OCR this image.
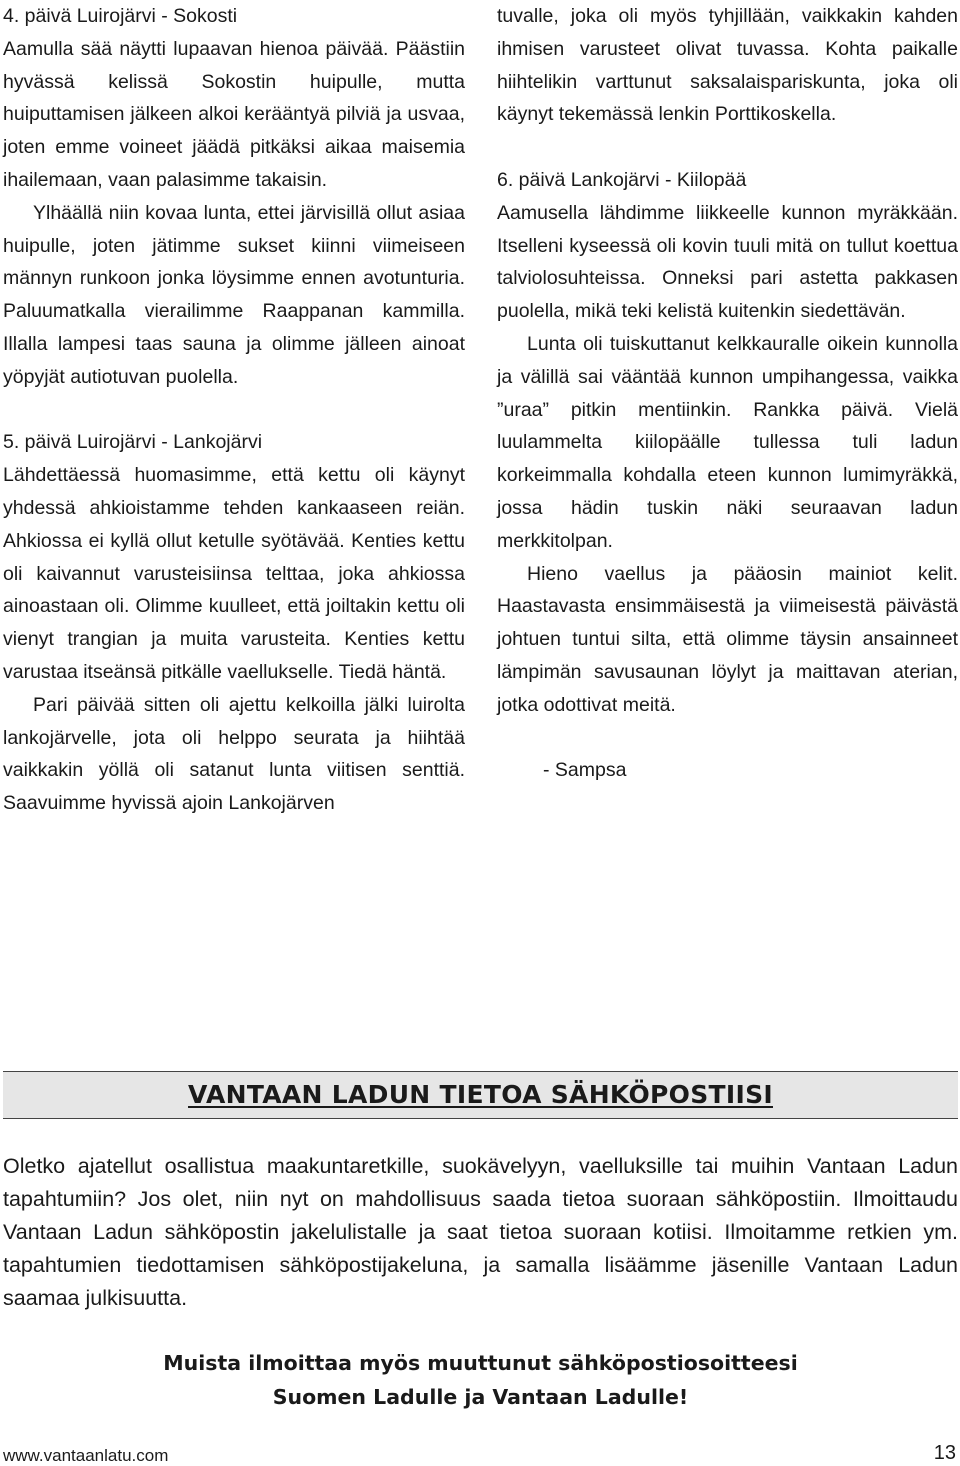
4. päivä Luirojärvi - Sokosti

Aamulla sää näytti lupaavan hienoa päivää. Päästiin hyvässä kelissä Sokostin huipulle, mutta huiputtamisen jälkeen alkoi kerääntyä pilviä ja usvaa, joten emme voineet jäädä pitkäksi aikaa maisemia ihailemaan, vaan palasimme takaisin.

Ylhäällä niin kovaa lunta, ettei järvisillä ollut asiaa huipulle, joten jätimme sukset kiinni viimeiseen männyn runkoon jonka löysimme ennen avotunturia. Paluumatkalla vierailimme Raappanan kammilla. Illalla lampesi taas sauna ja olimme jälleen ainoat yöpyjät autiotuvan puolella.

5. päivä Luirojärvi - Lankojärvi

Lähdettäessä huomasimme, että kettu oli käynyt yhdessä ahkioistamme tehden kankaaseen reiän. Ahkiossa ei kyllä ollut ketulle syötävää. Kenties kettu oli kaivannut varusteisiinsa telttaa, joka ahkiossa ainoastaan oli. Olimme kuulleet, että joiltakin kettu oli vienyt trangian ja muita varusteita. Kenties kettu varustaa itseänsä pitkälle vaellukselle. Tiedä häntä.

Pari päivää sitten oli ajettu kelkoilla jälki luirolta lankojärvelle, jota oli helppo seurata ja hiihtää vaikkakin yöllä oli satanut lunta viitisen senttiä. Saavuimme hyvissä ajoin Lankojärven

tuvalle, joka oli myös tyhjillään, vaikkakin kahden ihmisen varusteet olivat tuvassa. Kohta paikalle hiihtelikin varttunut saksalaispariskunta, joka oli käynyt tekemässä lenkin Porttikoskella.

6. päivä Lankojärvi - Kiilopää

Aamusella lähdimme liikkeelle kunnon myräkkään. Itselleni kyseessä oli kovin tuuli mitä on tullut koettua talviolosuhteissa. Onneksi pari astetta pakkasen puolella, mikä teki kelistä kuitenkin siedettävän.

Lunta oli tuiskuttanut kelkkauralle oikein kunnolla ja välillä sai vääntää kunnon umpihangessa, vaikka ”uraa” pitkin mentiinkin. Rankka päivä. Vielä luulammelta kiilopäälle tullessa tuli ladun korkeimmalla kohdalla eteen kunnon lumimyräkkä, jossa hädin tuskin näki seuraavan ladun merkkitolpan.

Hieno vaellus ja pääosin mainiot kelit. Haastavasta ensimmäisestä ja viimeisestä päivästä johtuen tuntui silta, että olimme täysin ansainneet lämpimän savusaunan löylyt ja maittavan aterian, jotka odottivat meitä.

- Sampsa

VANTAAN LADUN TIETOA SÄHKÖPOSTIISI

Oletko ajatellut osallistua maakuntaretkille, suokävelyyn, vaelluksille tai muihin Vantaan Ladun tapahtumiin? Jos olet, niin nyt on mahdollisuus saada tietoa suoraan sähköpostiin. Ilmoittaudu Vantaan Ladun sähköpostin jakelulistalle ja saat tietoa suoraan kotiisi. Ilmoitamme retkien ym. tapahtumien tiedottamisen sähköpostijakeluna, ja samalla lisäämme jäsenille Vantaan Ladun saamaa julkisuutta.

Muista ilmoittaa myös muuttunut sähköpostiosoitteesi
Suomen Ladulle ja Vantaan Ladulle!
www.vantaanlatu.com	13
